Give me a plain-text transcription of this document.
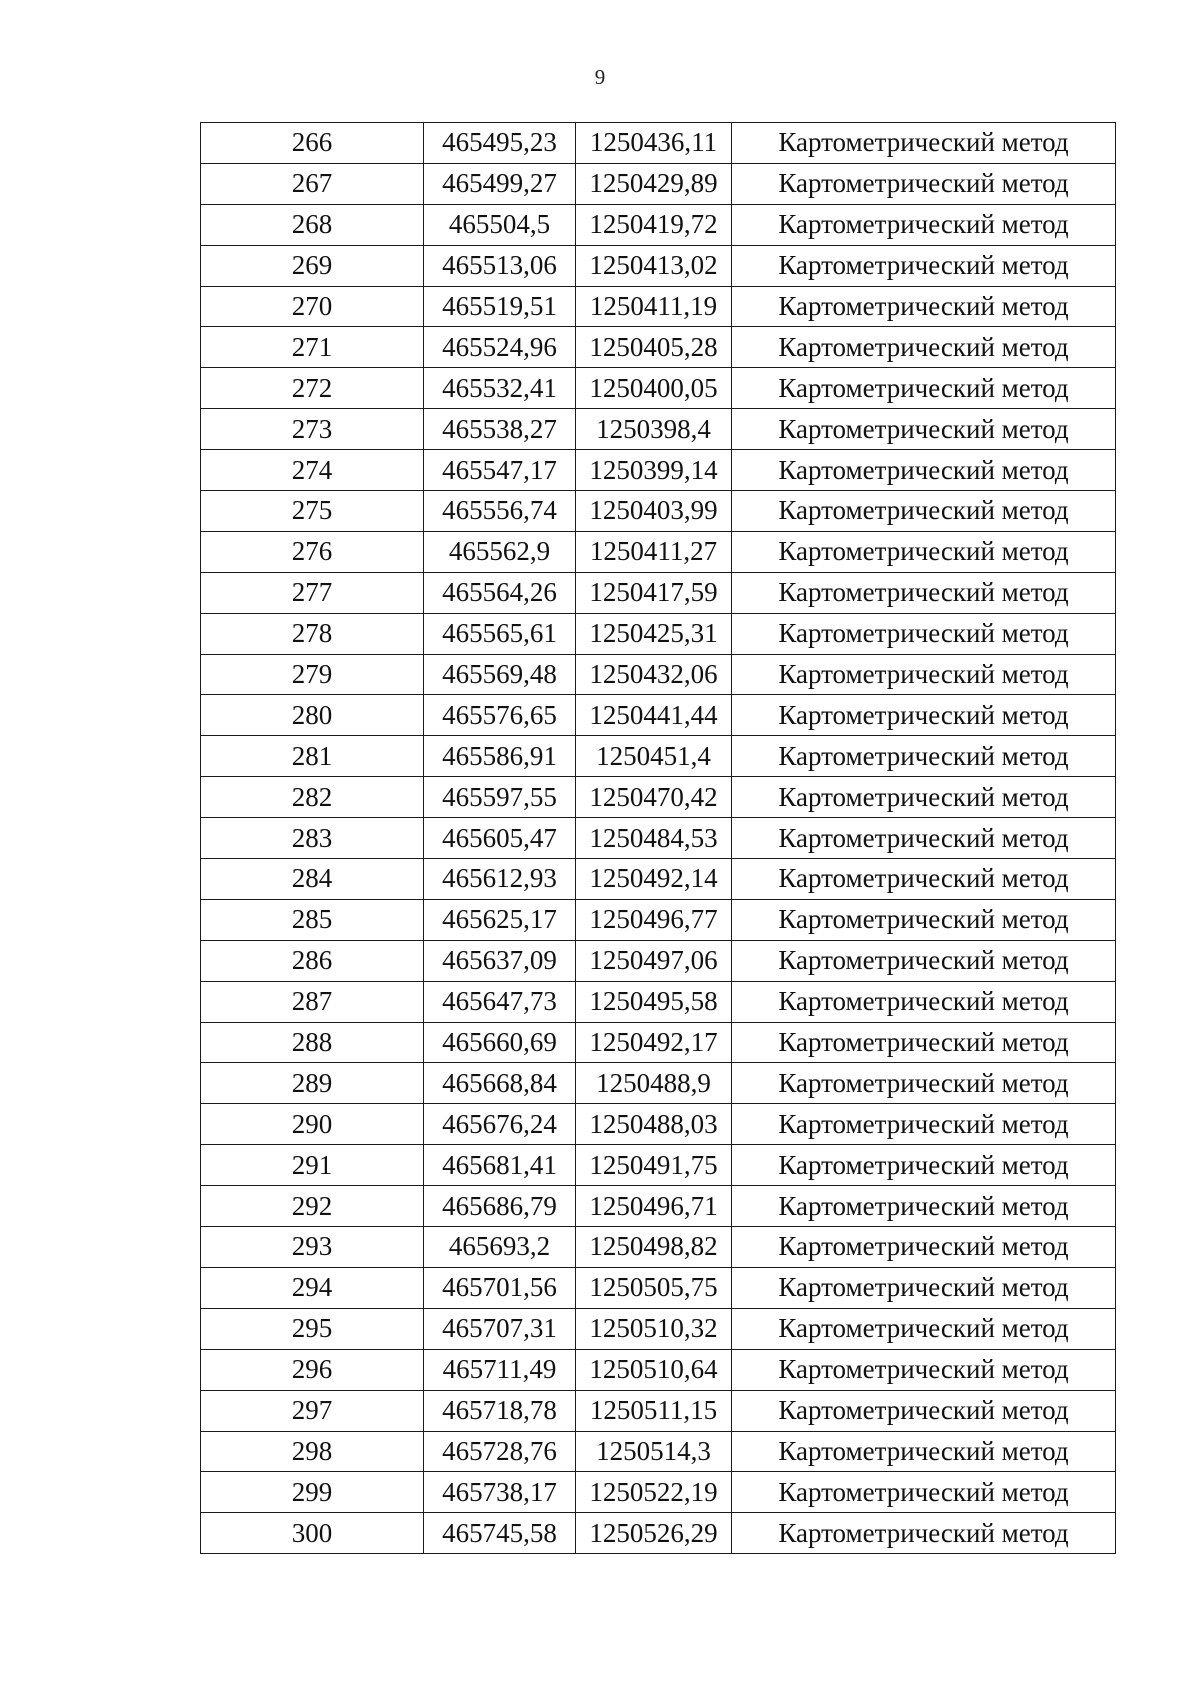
9
266	465495,23	1250436,11	Картометрический метод
267	465499,27	1250429,89	Картометрический метод
268	465504,5	1250419,72	Картометрический метод
269	465513,06	1250413,02	Картометрический метод
270	465519,51	1250411,19	Картометрический метод
271	465524,96	1250405,28	Картометрический метод
272	465532,41	1250400,05	Картометрический метод
273	465538,27	1250398,4	Картометрический метод
274	465547,17	1250399,14	Картометрический метод
275	465556,74	1250403,99	Картометрический метод
276	465562,9	1250411,27	Картометрический метод
277	465564,26	1250417,59	Картометрический метод
278	465565,61	1250425,31	Картометрический метод
279	465569,48	1250432,06	Картометрический метод
280	465576,65	1250441,44	Картометрический метод
281	465586,91	1250451,4	Картометрический метод
282	465597,55	1250470,42	Картометрический метод
283	465605,47	1250484,53	Картометрический метод
284	465612,93	1250492,14	Картометрический метод
285	465625,17	1250496,77	Картометрический метод
286	465637,09	1250497,06	Картометрический метод
287	465647,73	1250495,58	Картометрический метод
288	465660,69	1250492,17	Картометрический метод
289	465668,84	1250488,9	Картометрический метод
290	465676,24	1250488,03	Картометрический метод
291	465681,41	1250491,75	Картометрический метод
292	465686,79	1250496,71	Картометрический метод
293	465693,2	1250498,82	Картометрический метод
294	465701,56	1250505,75	Картометрический метод
295	465707,31	1250510,32	Картометрический метод
296	465711,49	1250510,64	Картометрический метод
297	465718,78	1250511,15	Картометрический метод
298	465728,76	1250514,3	Картометрический метод
299	465738,17	1250522,19	Картометрический метод
300	465745,58	1250526,29	Картометрический метод
